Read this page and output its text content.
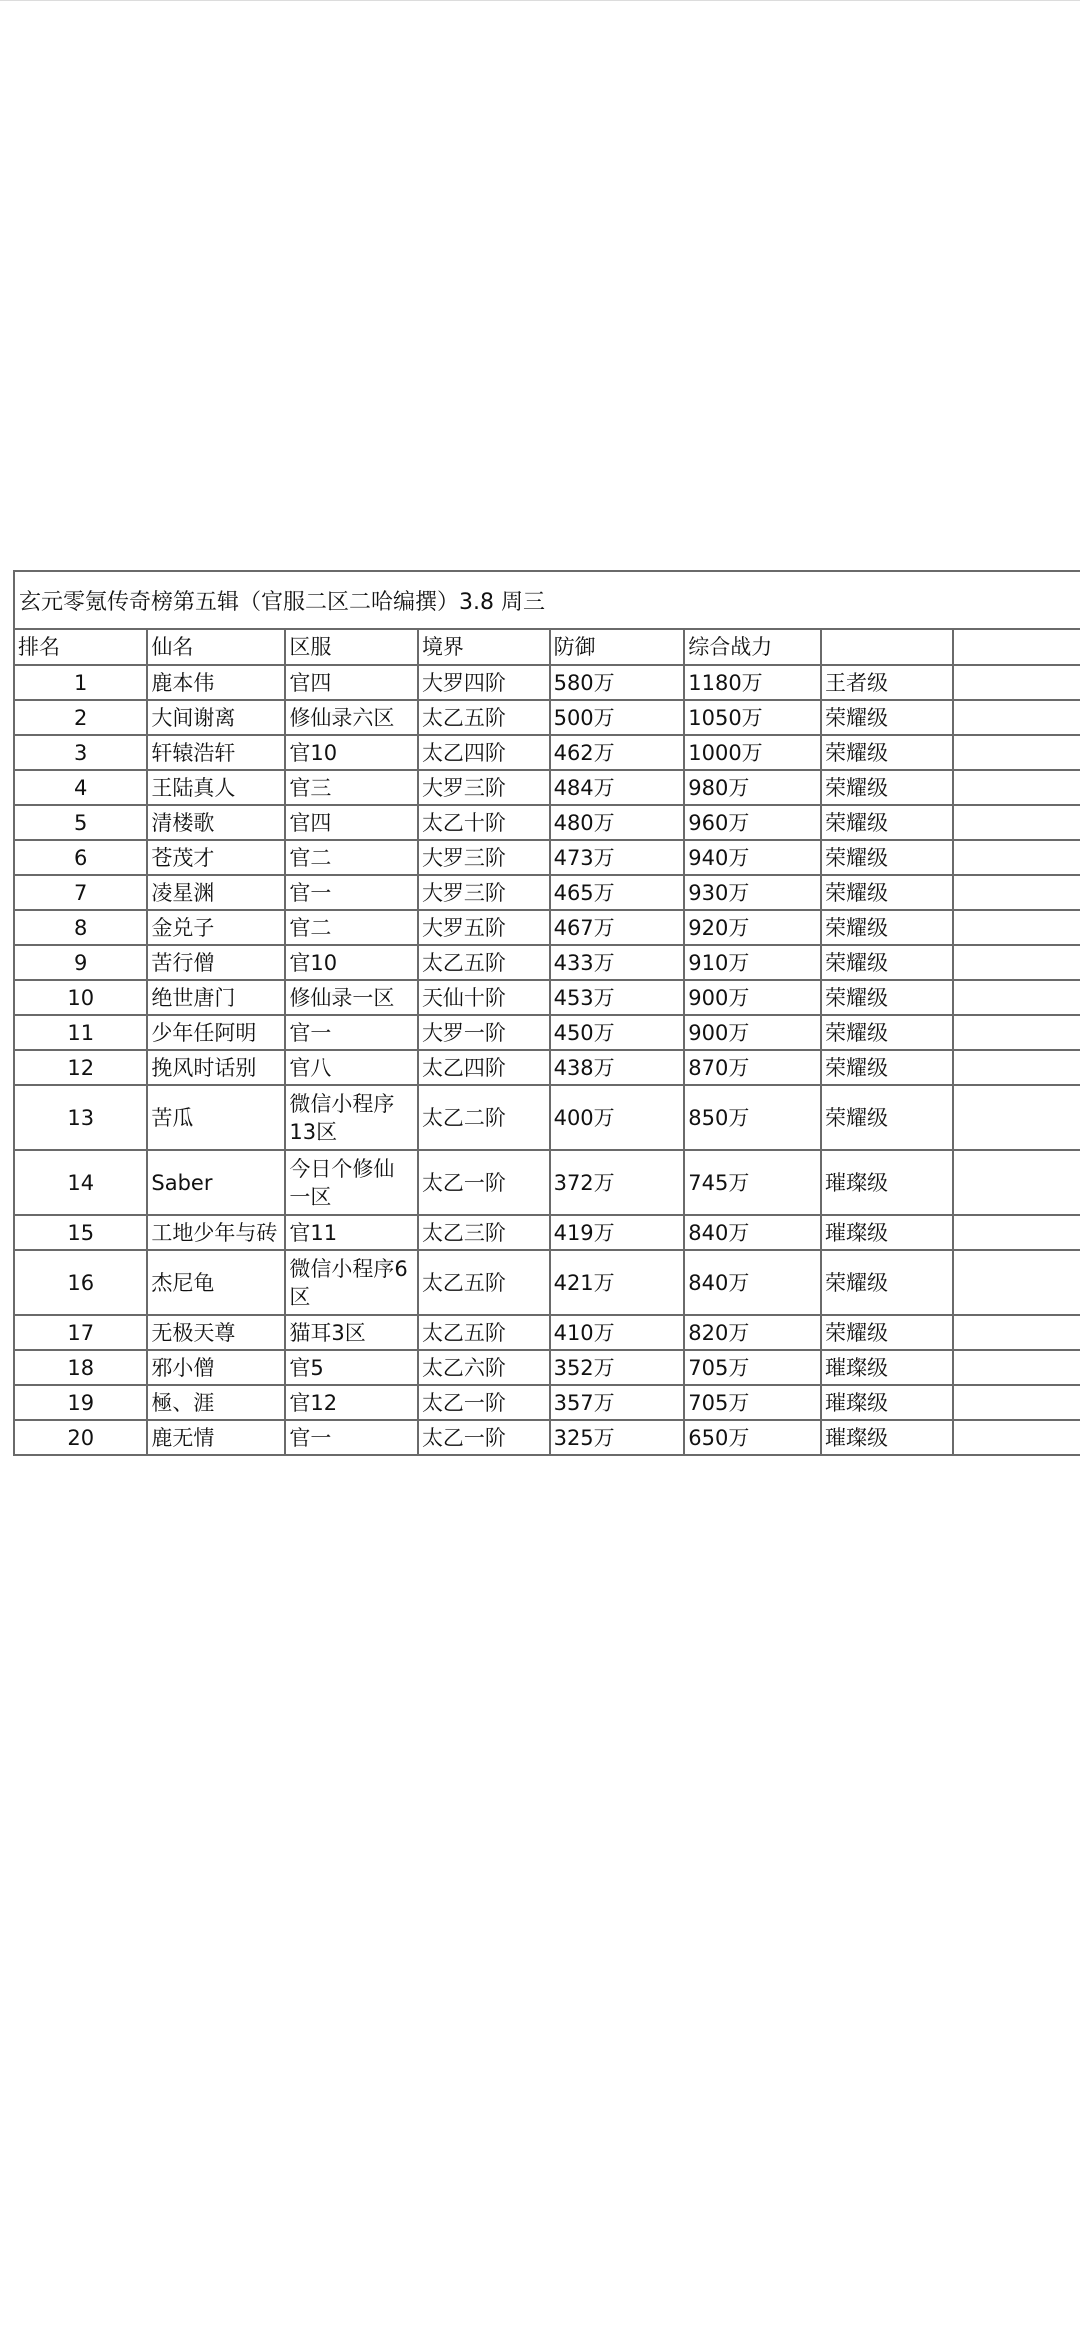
玄元零氪传奇榜第五辑（官服二区二哈编撰）3.8 周三
排名	仙名	区服	境界	防御	综合战力		
1	鹿本伟	官四	大罗四阶	580万	1180万	王者级	
2	大间谢离	修仙录六区	太乙五阶	500万	1050万	荣耀级	
3	轩辕浩轩	官10	太乙四阶	462万	1000万	荣耀级	
4	王陆真人	官三	大罗三阶	484万	980万	荣耀级	
5	清楼歌	官四	太乙十阶	480万	960万	荣耀级	
6	苍茂才	官二	大罗三阶	473万	940万	荣耀级	
7	凌星渊	官一	大罗三阶	465万	930万	荣耀级	
8	金兑子	官二	大罗五阶	467万	920万	荣耀级	
9	苦行僧	官10	太乙五阶	433万	910万	荣耀级	
10	绝世唐门	修仙录一区	天仙十阶	453万	900万	荣耀级	
11	少年任阿明	官一	大罗一阶	450万	900万	荣耀级	
12	挽风时话别	官八	太乙四阶	438万	870万	荣耀级	
13	苦瓜	微信小程序13区	太乙二阶	400万	850万	荣耀级	
14	Saber	今日个修仙一区	太乙一阶	372万	745万	璀璨级	
15	工地少年与砖	官11	太乙三阶	419万	840万	璀璨级	
16	杰尼龟	微信小程序6区	太乙五阶	421万	840万	荣耀级	
17	无极天尊	猫耳3区	太乙五阶	410万	820万	荣耀级	
18	邪小僧	官5	太乙六阶	352万	705万	璀璨级	
19	極、涯	官12	太乙一阶	357万	705万	璀璨级	
20	鹿无情	官一	太乙一阶	325万	650万	璀璨级	
